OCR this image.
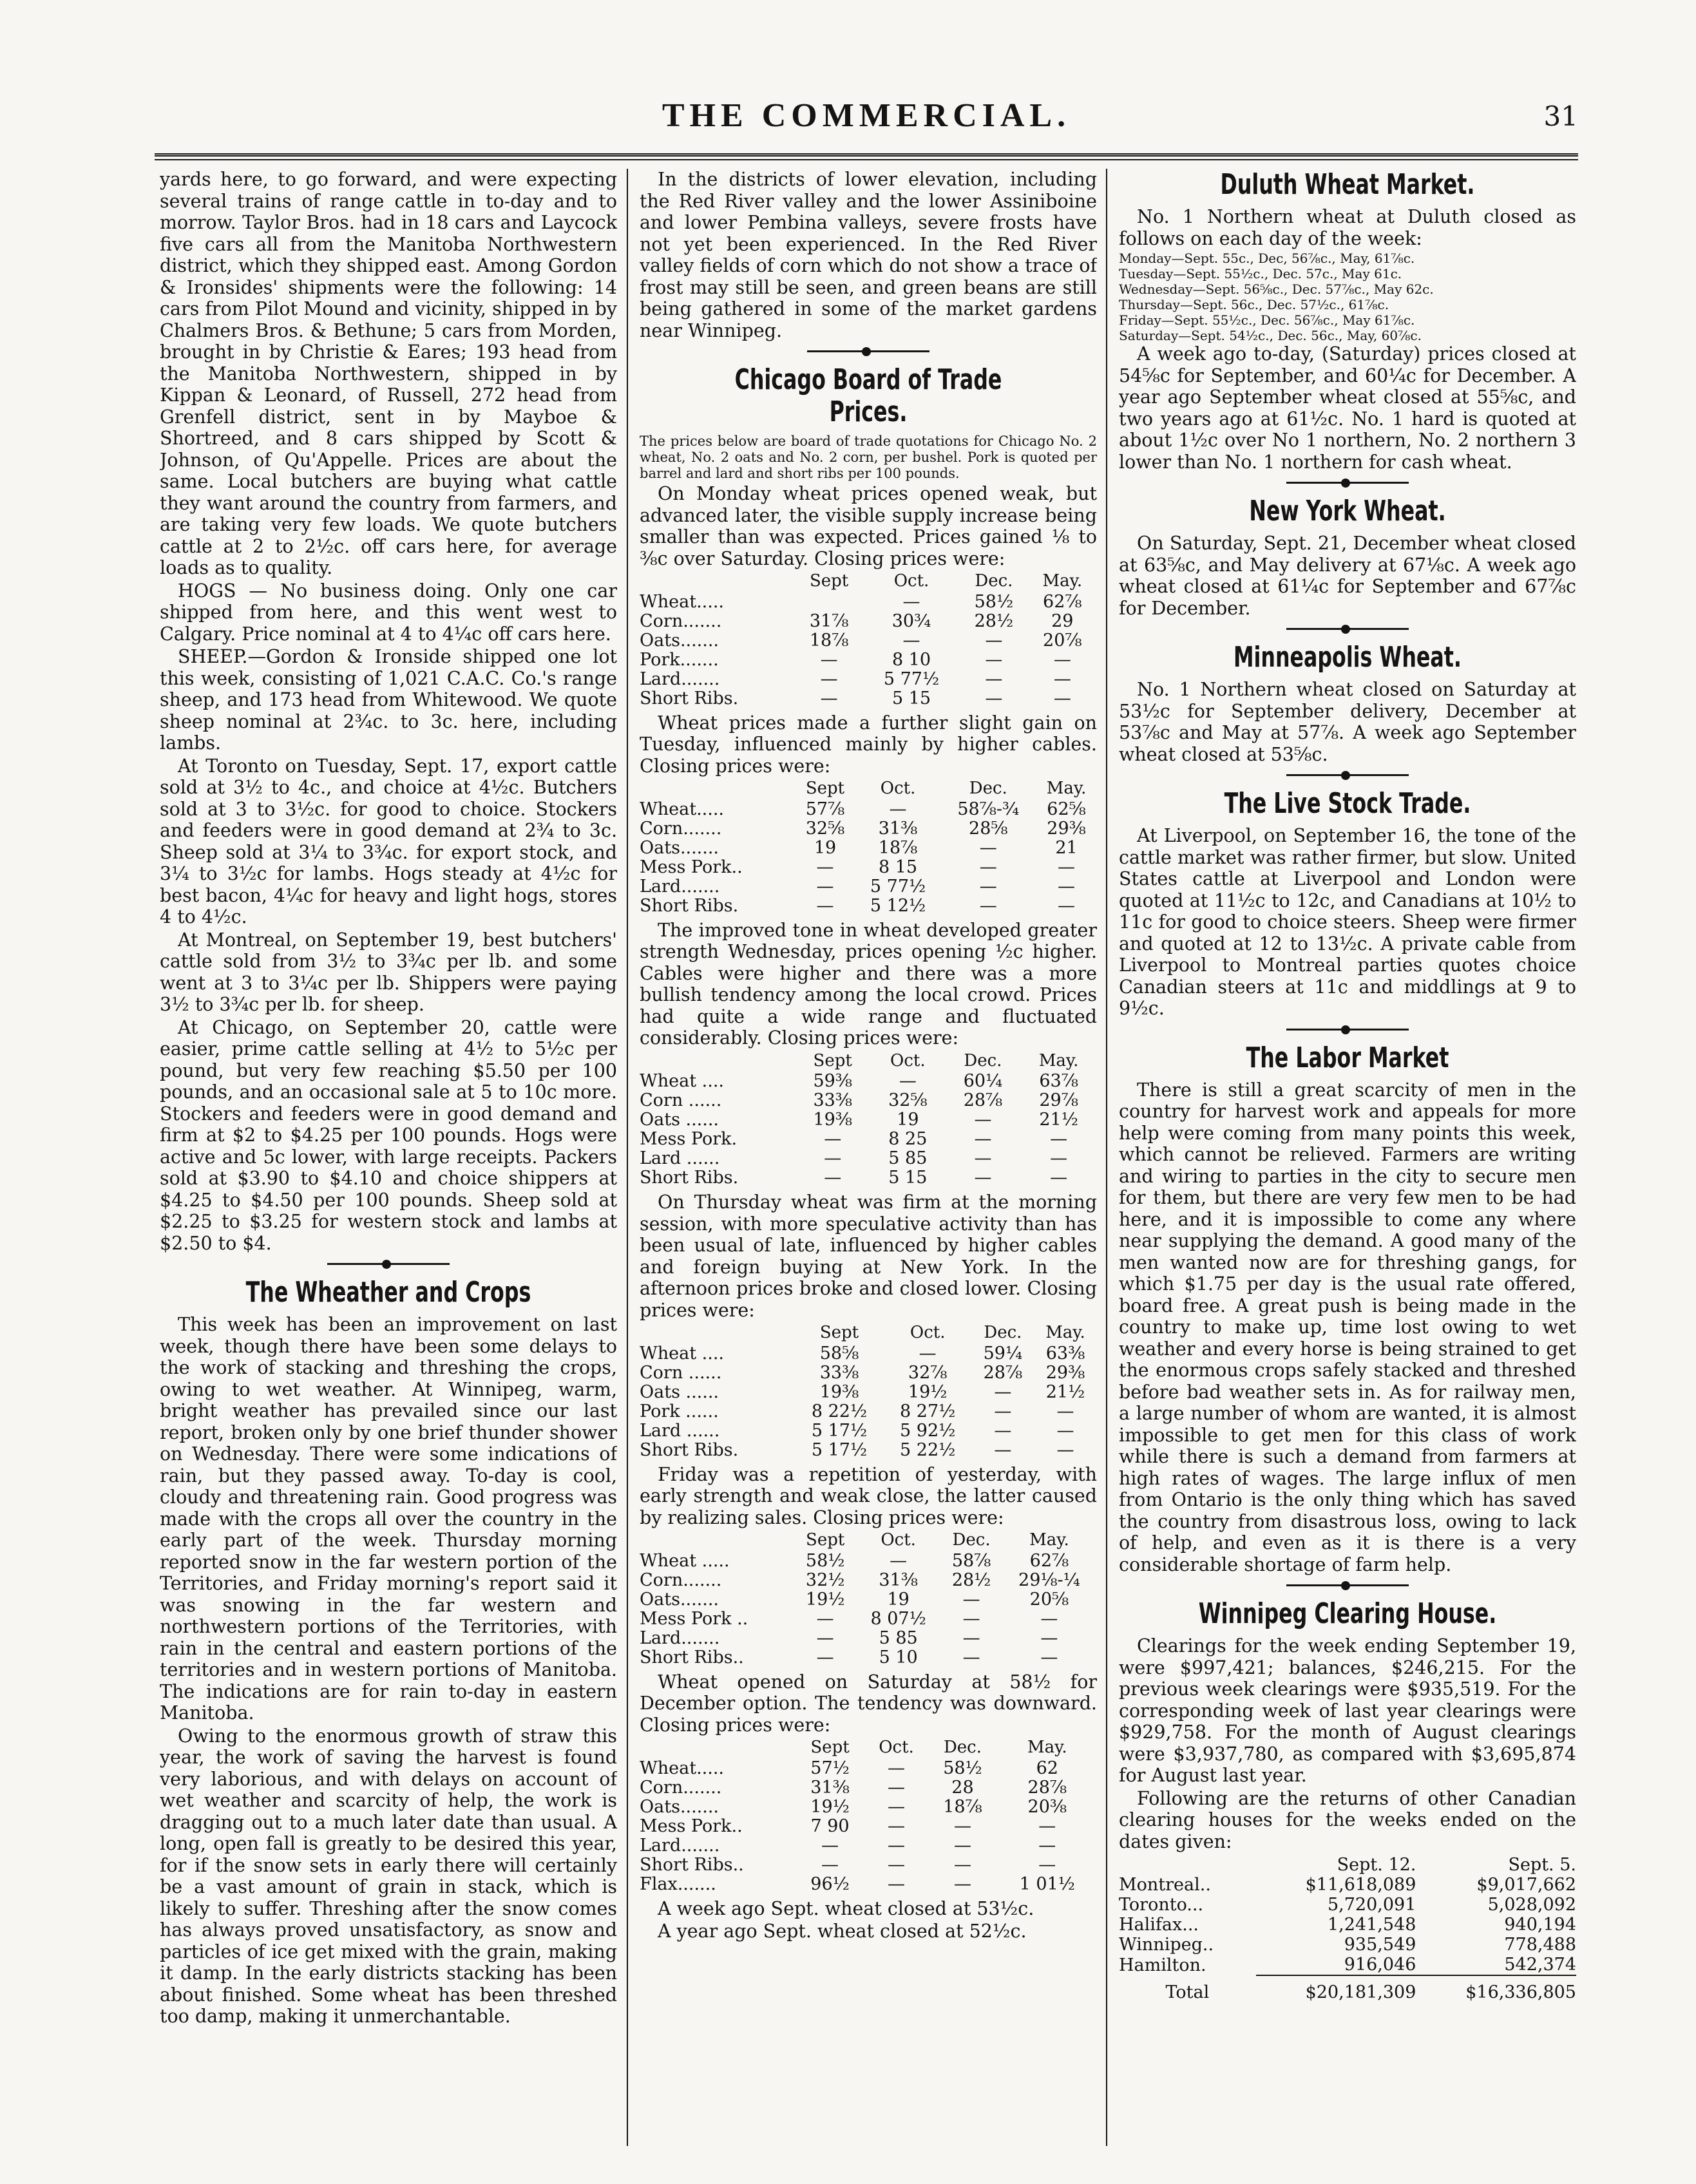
THE COMMERCIAL.	31

yards here, to go forward, and were expecting several trains of range cattle in to-day and to morrow. Taylor Bros. had in 18 cars and Laycock five cars all from the Manitoba Northwestern district, which they shipped east. Among Gordon & Ironsides' shipments were the following: 14 cars from Pilot Mound and vicinity, shipped in by Chalmers Bros. & Bethune; 5 cars from Morden, brought in by Christie & Eares; 193 head from the Manitoba Northwestern, shipped in by Kippan & Leonard, of Russell, 272 head from Grenfell district, sent in by Mayboe & Shortreed, and 8 cars shipped by Scott & Johnson, of Qu'Appelle. Prices are about the same. Local butchers are buying what cattle they want around the country from farmers, and are taking very few loads. We quote butchers cattle at 2 to 2½c. off cars here, for average loads as to quality.

HOGS — No business doing. Only one car shipped from here, and this went west to Calgary. Price nominal at 4 to 4¼c off cars here.

SHEEP.—Gordon & Ironside shipped one lot this week, consisting of 1,021 C.A.C. Co.'s range sheep, and 173 head from Whitewood. We quote sheep nominal at 2¾c. to 3c. here, including lambs.

At Toronto on Tuesday, Sept. 17, export cattle sold at 3½ to 4c., and choice at 4½c. Butchers sold at 3 to 3½c. for good to choice. Stockers and feeders were in good demand at 2¾ to 3c. Sheep sold at 3¼ to 3¾c. for export stock, and 3¼ to 3½c for lambs. Hogs steady at 4½c for best bacon, 4¼c for heavy and light hogs, stores 4 to 4½c.

At Montreal, on September 19, best butchers' cattle sold from 3½ to 3¾c per lb. and some went at 3 to 3¼c per lb. Shippers were paying 3½ to 3¾c per lb. for sheep.

At Chicago, on September 20, cattle were easier, prime cattle selling at 4½ to 5½c per pound, but very few reaching $5.50 per 100 pounds, and an occasional sale at 5 to 10c more. Stockers and feeders were in good demand and firm at $2 to $4.25 per 100 pounds. Hogs were active and 5c lower, with large receipts. Packers sold at $3.90 to $4.10 and choice shippers at $4.25 to $4.50 per 100 pounds. Sheep sold at $2.25 to $3.25 for western stock and lambs at $2.50 to $4.

The Wheather and Crops

This week has been an improvement on last week, though there have been some delays to the work of stacking and threshing the crops, owing to wet weather. At Winnipeg, warm, bright weather has prevailed since our last report, broken only by one brief thunder shower on Wednesday. There were some indications of rain, but they passed away. To-day is cool, cloudy and threatening rain. Good progress was made with the crops all over the country in the early part of the week. Thursday morning reported snow in the far western portion of the Territories, and Friday morning's report said it was snowing in the far western and northwestern portions of the Territories, with rain in the central and eastern portions of the territories and in western portions of Manitoba. The indications are for rain to-day in eastern Manitoba.

Owing to the enormous growth of straw this year, the work of saving the harvest is found very laborious, and with delays on account of wet weather and scarcity of help, the work is dragging out to a much later date than usual. A long, open fall is greatly to be desired this year, for if the snow sets in early there will certainly be a vast amount of grain in stack, which is likely to suffer. Threshing after the snow comes has always proved unsatisfactory, as snow and particles of ice get mixed with the grain, making it damp. In the early districts stacking has been about finished. Some wheat has been threshed too damp, making it unmerchantable.

In the districts of lower elevation, including the Red River valley and the lower Assiniboine and lower Pembina valleys, severe frosts have not yet been experienced. In the Red River valley fields of corn which do not show a trace of frost may still be seen, and green beans are still being gathered in some of the market gardens near Winnipeg.

Chicago Board of Trade Prices.

The prices below are board of trade quotations for Chicago No. 2 wheat, No. 2 oats and No. 2 corn, per bushel. Pork is quoted per barrel and lard and short ribs per 100 pounds.

On Monday wheat prices opened weak, but advanced later, the visible supply increase being smaller than was expected. Prices gained ⅛ to ⅜c over Saturday. Closing prices were:

	Sept	Oct.	Dec.	May.
Wheat.....		—	58½	62⅞
Corn.......	31⅞	30¾	28½	29
Oats.......	18⅞	—	—	20⅞
Pork.......	—	8 10	—	—
Lard.......	—	5 77½	—	—
Short Ribs.	—	5 15	—	—

Wheat prices made a further slight gain on Tuesday, influenced mainly by higher cables. Closing prices were:

	Sept	Oct.	Dec.	May.
Wheat.....	57⅞	—	58⅞-¾	62⅝
Corn.......	32⅝	31⅜	28⅝	29⅜
Oats.......	19	18⅞	—	21
Mess Pork..	—	8 15	—	—
Lard.......	—	5 77½	—	—
Short Ribs.	—	5 12½	—	—

The improved tone in wheat developed greater strength Wednesday, prices opening ½c higher. Cables were higher and there was a more bullish tendency among the local crowd. Prices had quite a wide range and fluctuated considerably. Closing prices were:

	Sept	Oct.	Dec.	May.
Wheat ....	59⅜	—	60¼	63⅞
Corn ......	33⅜	32⅝	28⅞	29⅞
Oats ......	19⅜	19	—	21½
Mess Pork.	—	8 25	—	—
Lard ......	—	5 85	—	—
Short Ribs.	—	5 15	—	—

On Thursday wheat was firm at the morning session, with more speculative activity than has been usual of late, influenced by higher cables and foreign buying at New York. In the afternoon prices broke and closed lower. Closing prices were:

	Sept	Oct.	Dec.	May.
Wheat ....	58⅝	—	59¼	63⅜
Corn ......	33⅜	32⅞	28⅞	29⅜
Oats ......	19⅜	19½	—	21½
Pork ......	8 22½	8 27½	—	—
Lard ......	5 17½	5 92½	—	—
Short Ribs.	5 17½	5 22½	—	—

Friday was a repetition of yesterday, with early strength and weak close, the latter caused by realizing sales. Closing prices were:

	Sept	Oct.	Dec.	May.
Wheat .....	58½	—	58⅞	62⅞
Corn.......	32½	31⅜	28½	29⅛-¼
Oats.......	19½	19	—	20⅝
Mess Pork ..	—	8 07½	—	—
Lard.......	—	5 85	—	—
Short Ribs..	—	5 10	—	—

Wheat opened on Saturday at 58½ for December option. The tendency was downward. Closing prices were:

	Sept	Oct.	Dec.	May.
Wheat.....	57½	—	58½	62
Corn.......	31⅜	—	28	28⅞
Oats.......	19½	—	18⅞	20⅜
Mess Pork..	7 90	—	—	—
Lard.......	—	—	—	—
Short Ribs..	—	—	—	—
Flax.......	96½	—	—	1 01½

A week ago Sept. wheat closed at 53½c.

A year ago Sept. wheat closed at 52½c.

Duluth Wheat Market.

No. 1 Northern wheat at Duluth closed as follows on each day of the week:

Monday—Sept. 55c., Dec, 56⅞c., May, 61⅞c.
Tuesday—Sept. 55½c., Dec. 57c., May 61c.
Wednesday—Sept. 56⅝c., Dec. 57⅞c., May 62c.
Thursday—Sept. 56c., Dec. 57½c., 61⅞c.
Friday—Sept. 55½c., Dec. 56⅞c., May 61⅞c.
Saturday—Sept. 54½c., Dec. 56c., May, 60⅞c.

A week ago to-day, (Saturday) prices closed at 54⅝c for September, and 60¼c for December. A year ago September wheat closed at 55⅝c, and two years ago at 61½c. No. 1 hard is quoted at about 1½c over No 1 northern, No. 2 northern 3 lower than No. 1 northern for cash wheat.

New York Wheat.

On Saturday, Sept. 21, December wheat closed at 63⅝c, and May delivery at 67⅛c. A week ago wheat closed at 61¼c for September and 67⅞c for December.

Minneapolis Wheat.

No. 1 Northern wheat closed on Saturday at 53½c for September delivery, December at 53⅞c and May at 57⅞. A week ago September wheat closed at 53⅝c.

The Live Stock Trade.

At Liverpool, on September 16, the tone of the cattle market was rather firmer, but slow. United States cattle at Liverpool and London were quoted at 11½c to 12c, and Canadians at 10½ to 11c for good to choice steers. Sheep were firmer and quoted at 12 to 13½c. A private cable from Liverpool to Montreal parties quotes choice Canadian steers at 11c and middlings at 9 to 9½c.

The Labor Market

There is still a great scarcity of men in the country for harvest work and appeals for more help were coming from many points this week, which cannot be relieved. Farmers are writing and wiring to parties in the city to secure men for them, but there are very few men to be had here, and it is impossible to come any where near supplying the demand. A good many of the men wanted now are for threshing gangs, for which $1.75 per day is the usual rate offered, board free. A great push is being made in the country to make up, time lost owing to wet weather and every horse is being strained to get the enormous crops safely stacked and threshed before bad weather sets in. As for railway men, a large number of whom are wanted, it is almost impossible to get men for this class of work while there is such a demand from farmers at high rates of wages. The large influx of men from Ontario is the only thing which has saved the country from disastrous loss, owing to lack of help, and even as it is there is a very considerable shortage of farm help.

Winnipeg Clearing House.

Clearings for the week ending September 19, were $997,421; balances, $246,215. For the previous week clearings were $935,519. For the corresponding week of last year clearings were $929,758. For the month of August clearings were $3,937,780, as compared with $3,695,874 for August last year.

Following are the returns of other Canadian clearing houses for the weeks ended on the dates given:

	Sept. 12.	Sept. 5.
Montreal..	$11,618,089	$9,017,662
Toronto...	5,720,091	5,028,092
Halifax...	1,241,548	940,194
Winnipeg..	935,549	778,488
Hamilton.	916,046	542,374
Total	$20,181,309	$16,336,805
